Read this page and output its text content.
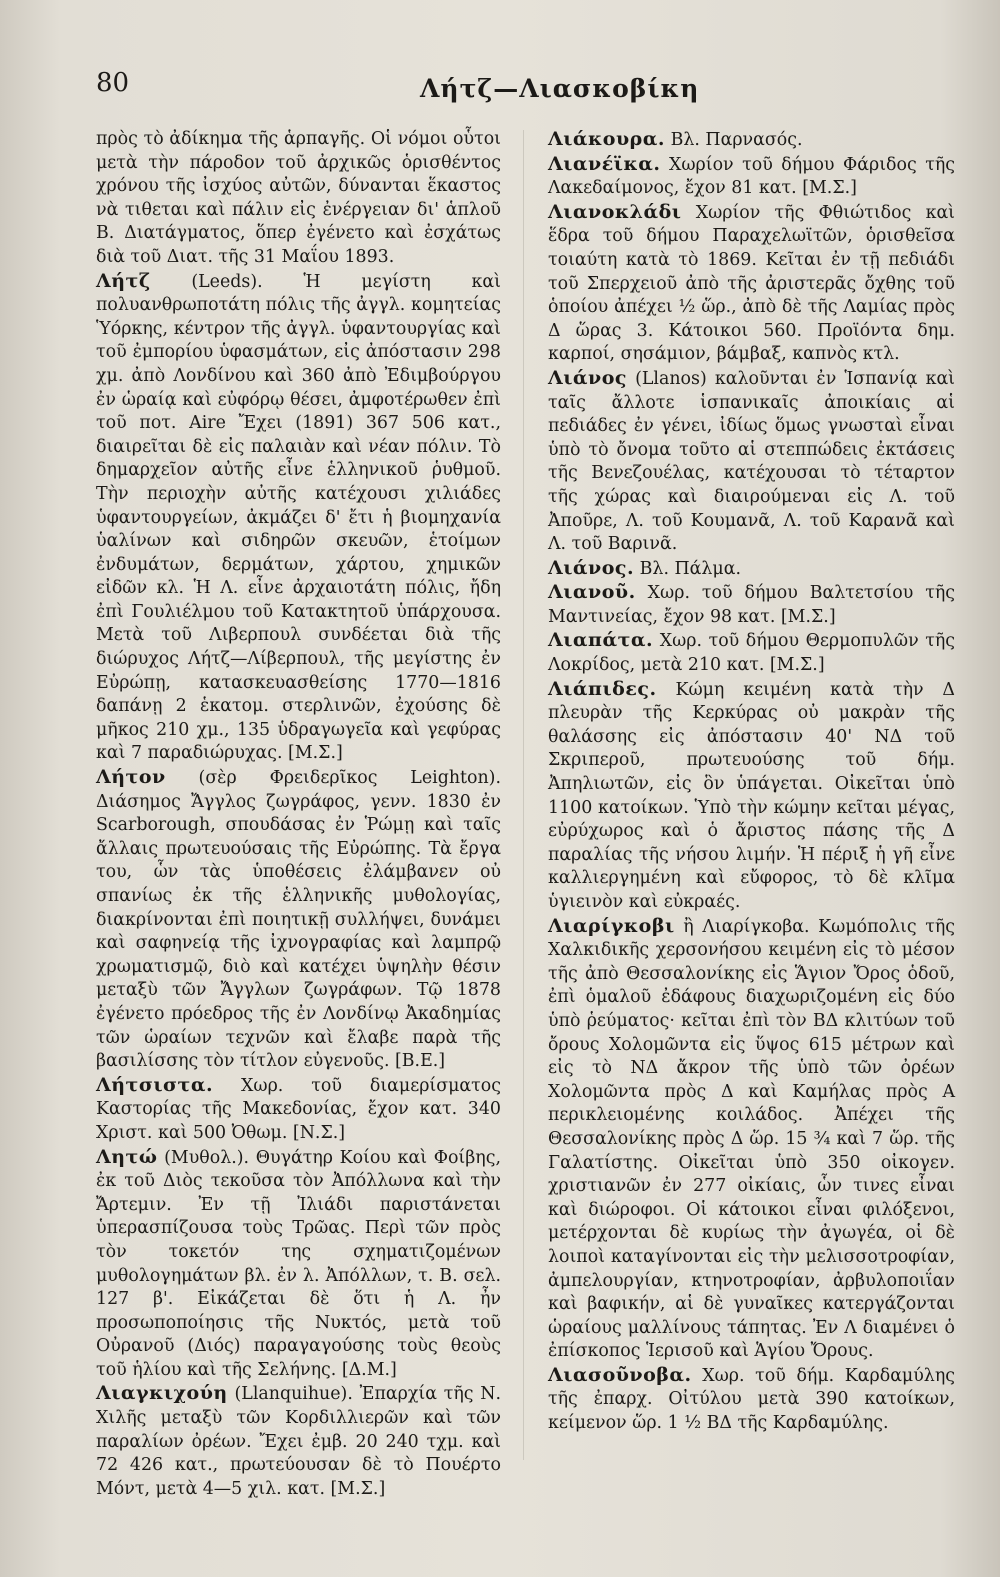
80	Λήτζ—Λιασκοβίκη

πρὸς τὸ ἀδίκημα τῆς ἁρπαγῆς. Οἱ νόμοι οὗτοι μετὰ τὴν πάροδον τοῦ ἀρχικῶς ὁρισθέντος χρόνου τῆς ἰσχύος αὐτῶν, δύνανται ἕκαστος νὰ τιθεται καὶ πάλιν εἰς ἐνέργειαν δι' ἁπλοῦ Β. Διατάγματος, ὅπερ ἐγένετο καὶ ἐσχάτως διὰ τοῦ Διατ. τῆς 31 Μαΐου 1893.

Λήτζ (Leeds). Ἡ μεγίστη καὶ πολυανθρωποτάτη πόλις τῆς ἀγγλ. κομητείας Ὑόρκης, κέντρον τῆς ἀγγλ. ὑφαντουργίας καὶ τοῦ ἐμπορίου ὑφασμάτων, εἰς ἀπόστασιν 298 χμ. ἀπὸ Λονδίνου καὶ 360 ἀπὸ Ἐδιμβούργου ἐν ὡραίᾳ καὶ εὐφόρῳ θέσει, ἀμφοτέρωθεν ἐπὶ τοῦ ποτ. Aire Ἔχει (1891) 367 506 κατ., διαιρεῖται δὲ εἰς παλαιὰν καὶ νέαν πόλιν. Τὸ δημαρχεῖον αὐτῆς εἶνε ἑλληνικοῦ ῥυθμοῦ. Τὴν περιοχὴν αὐτῆς κατέχουσι χιλιάδες ὑφαντουργείων, ἀκμάζει δ' ἔτι ἡ βιομηχανία ὑαλίνων καὶ σιδηρῶν σκευῶν, ἑτοίμων ἐνδυμάτων, δερμάτων, χάρτου, χημικῶν εἰδῶν κλ. Ἡ Λ. εἶνε ἀρχαιοτάτη πόλις, ἤδη ἐπὶ Γουλιέλμου τοῦ Κατακτητοῦ ὑπάρχουσα. Μετὰ τοῦ Λιβερπουλ συνδέεται διὰ τῆς διώρυχος Λήτζ—Λίβερπουλ, τῆς μεγίστης ἐν Εὐρώπῃ, κατασκευασθείσης 1770—1816 δαπάνῃ 2 ἑκατομ. στερλινῶν, ἐχούσης δὲ μῆκος 210 χμ., 135 ὑδραγωγεῖα καὶ γεφύρας καὶ 7 παραδιώρυχας. [Μ.Σ.]

Λήτον (σὲρ Φρειδερῖκος Leighton). Διάσημος Ἄγγλος ζωγράφος, γενν. 1830 ἐν Scarborough, σπουδάσας ἐν Ῥώμῃ καὶ ταῖς ἄλλαις πρωτευούσαις τῆς Εὐρώπης. Τὰ ἔργα του, ὧν τὰς ὑποθέσεις ἐλάμβανεν οὐ σπανίως ἐκ τῆς ἑλληνικῆς μυθολογίας, διακρίνονται ἐπὶ ποιητικῇ συλλήψει, δυνάμει καὶ σαφηνείᾳ τῆς ἰχνογραφίας καὶ λαμπρῷ χρωματισμῷ, διὸ καὶ κατέχει ὑψηλὴν θέσιν μεταξὺ τῶν Ἄγγλων ζωγράφων. Τῷ 1878 ἐγένετο πρόεδρος τῆς ἐν Λονδίνῳ Ἀκαδημίας τῶν ὡραίων τεχνῶν καὶ ἔλαβε παρὰ τῆς βασιλίσσης τὸν τίτλον εὐγενοῦς. [Β.Ε.]

Λήτσιστα. Χωρ. τοῦ διαμερίσματος Καστορίας τῆς Μακεδονίας, ἔχον κατ. 340 Χριστ. καὶ 500 Ὀθωμ. [Ν.Σ.]

Λητώ (Μυθολ.). Θυγάτηρ Κοίου καὶ Φοίβης, ἐκ τοῦ Διὸς τεκοῦσα τὸν Ἀπόλλωνα καὶ τὴν Ἄρτεμιν. Ἐν τῇ Ἰλιάδι παριστάνεται ὑπερασπίζουσα τοὺς Τρῶας. Περὶ τῶν πρὸς τὸν τοκετόν της σχηματιζομένων μυθολογημάτων βλ. ἐν λ. Ἀπόλλων, τ. Β. σελ. 127 β'. Εἰκάζεται δὲ ὅτι ἡ Λ. ἦν προσωποποίησις τῆς Νυκτός, μετὰ τοῦ Οὐρανοῦ (Διός) παραγαγούσης τοὺς θεοὺς τοῦ ἡλίου καὶ τῆς Σελήνης. [Δ.Μ.]

Λιαγκιχούη (Llanquihue). Ἐπαρχία τῆς Ν. Χιλῆς μεταξὺ τῶν Κορδιλλιερῶν καὶ τῶν παραλίων ὀρέων. Ἔχει ἐμβ. 20 240 τχμ. καὶ 72 426 κατ., πρωτεύουσαν δὲ τὸ Πουέρτο Μόντ, μετὰ 4—5 χιλ. κατ. [Μ.Σ.]

Λιάκουρα. Βλ. Παρνασός.

Λιανέϊκα. Χωρίον τοῦ δήμου Φάριδος τῆς Λακεδαίμονος, ἔχον 81 κατ. [Μ.Σ.]

Λιανοκλάδι Χωρίον τῆς Φθιώτιδος καὶ ἕδρα τοῦ δήμου Παραχελωϊτῶν, ὁρισθεῖσα τοιαύτη κατὰ τὸ 1869. Κεῖται ἐν τῇ πεδιάδι τοῦ Σπερχειοῦ ἀπὸ τῆς ἀριστερᾶς ὄχθης τοῦ ὁποίου ἀπέχει ½ ὥρ., ἀπὸ δὲ τῆς Λαμίας πρὸς Δ ὥρας 3. Κάτοικοι 560. Προϊόντα δημ. καρποί, σησάμιον, βάμβαξ, καπνὸς κτλ.

Λιάνος (Llanos) καλοῦνται ἐν Ἱσπανίᾳ καὶ ταῖς ἄλλοτε ἱσπανικαῖς ἀποικίαις αἱ πεδιάδες ἐν γένει, ἰδίως ὅμως γνωσταὶ εἶναι ὑπὸ τὸ ὄνομα τοῦτο αἱ στεππώδεις ἐκτάσεις τῆς Βενεζουέλας, κατέχουσαι τὸ τέταρτον τῆς χώρας καὶ διαιρούμεναι εἰς Λ. τοῦ Ἀποῦρε, Λ. τοῦ Κουμανᾶ, Λ. τοῦ Καρανᾶ καὶ Λ. τοῦ Βαρινᾶ.

Λιάνος. Βλ. Πάλμα.

Λιανοῦ. Χωρ. τοῦ δήμου Βαλτετσίου τῆς Μαντινείας, ἔχον 98 κατ. [Μ.Σ.]

Λιαπάτα. Χωρ. τοῦ δήμου Θερμοπυλῶν τῆς Λοκρίδος, μετὰ 210 κατ. [Μ.Σ.]

Λιάπιδες. Κώμη κειμένη κατὰ τὴν Δ πλευρὰν τῆς Κερκύρας οὐ μακρὰν τῆς θαλάσσης εἰς ἀπόστασιν 40' ΝΔ τοῦ Σκριπεροῦ, πρωτευούσης τοῦ δήμ. Ἀπηλιωτῶν, εἰς ὃν ὑπάγεται. Οἰκεῖται ὑπὸ 1100 κατοίκων. Ὑπὸ τὴν κώμην κεῖται μέγας, εὐρύχωρος καὶ ὁ ἄριστος πάσης τῆς Δ παραλίας τῆς νήσου λιμήν. Ἡ πέριξ ἡ γῆ εἶνε καλλιεργημένη καὶ εὔφορος, τὸ δὲ κλῖμα ὑγιεινὸν καὶ εὐκραές.

Λιαρίγκοβι ἢ Λιαρίγκοβα. Κωμόπολις τῆς Χαλκιδικῆς χερσονήσου κειμένη εἰς τὸ μέσον τῆς ἀπὸ Θεσσαλονίκης εἰς Ἅγιον Ὄρος ὁδοῦ, ἐπὶ ὁμαλοῦ ἐδάφους διαχωριζομένη εἰς δύο ὑπὸ ῥεύματος· κεῖται ἐπὶ τὸν ΒΔ κλιτύων τοῦ ὄρους Χολομῶντα εἰς ὕψος 615 μέτρων καὶ εἰς τὸ ΝΔ ἄκρον τῆς ὑπὸ τῶν ὀρέων Χολομῶντα πρὸς Δ καὶ Καμήλας πρὸς Α περικλειομένης κοιλάδος. Ἀπέχει τῆς Θεσσαλονίκης πρὸς Δ ὥρ. 15 ¾ καὶ 7 ὥρ. τῆς Γαλατίστης. Οἰκεῖται ὑπὸ 350 οἰκογεν. χριστιανῶν ἐν 277 οἰκίαις, ὧν τινες εἶναι καὶ διώροφοι. Οἱ κάτοικοι εἶναι φιλόξενοι, μετέρχονται δὲ κυρίως τὴν ἀγωγέα, οἱ δὲ λοιποὶ καταγίνονται εἰς τὴν μελισσοτροφίαν, ἀμπελουργίαν, κτηνοτροφίαν, ἀρβυλοποιΐαν καὶ βαφικήν, αἱ δὲ γυναῖκες κατεργάζονται ὡραίους μαλλίνους τάπητας. Ἐν Λ διαμένει ὁ ἐπίσκοπος Ἱερισοῦ καὶ Ἁγίου Ὄρους.

Λιασοῦνοβα. Χωρ. τοῦ δήμ. Καρδαμύλης τῆς ἐπαρχ. Οἰτύλου μετὰ 390 κατοίκων, κείμενον ὥρ. 1 ½ ΒΔ τῆς Καρδαμύλης.
